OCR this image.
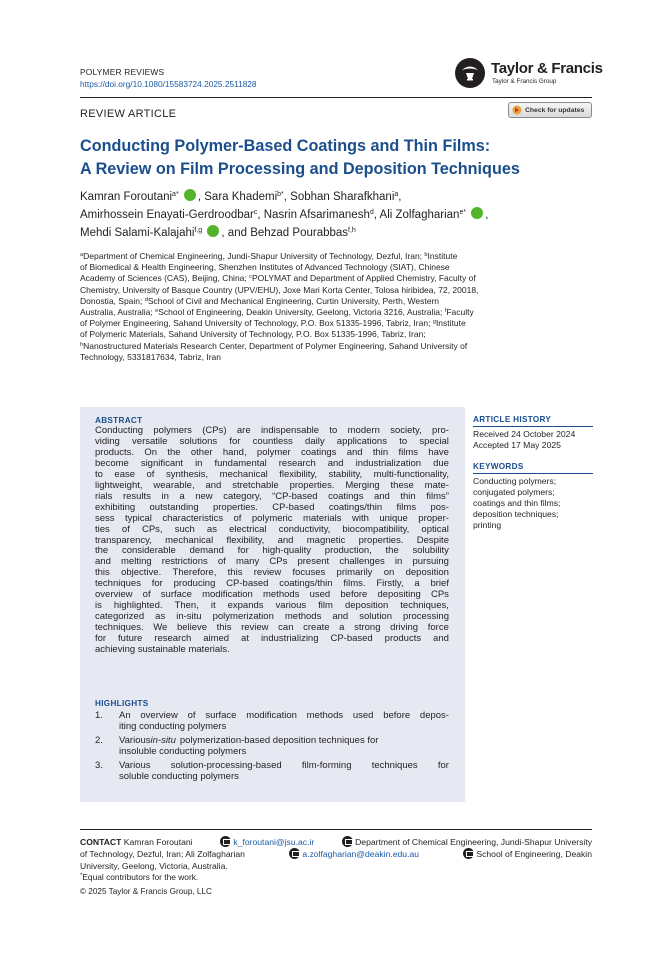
POLYMER REVIEWS
https://doi.org/10.1080/15583724.2025.2511828
Taylor & Francis
Taylor & Francis Group
REVIEW ARTICLE	Check for updates
Conducting Polymer-Based Coatings and Thin Films:
A Review on Film Processing and Deposition Techniques
Kamran Foroutani$^{a*}$ , Sara Khademi$^{b*}$, Sobhan Sharafkhani$^a$,
Amirhossein Enayati-Gerdroodbar$^c$, Nasrin Afsarimanesh$^d$, Ali Zolfagharian$^{e*}$ ,
Mehdi Salami-Kalajahi$^{f,g}$ , and Behzad Pourabbas$^{f,h}$
$^a$Department of Chemical Engineering, Jundi-Shapur University of Technology, Dezful, Iran; $^b$Institute
of Biomedical & Health Engineering, Shenzhen Institutes of Advanced Technology (SIAT), Chinese
Academy of Sciences (CAS), Beijing, China; $^c$POLYMAT and Department of Applied Chemistry, Faculty of
Chemistry, University of Basque Country (UPV/EHU), Joxe Mari Korta Center, Tolosa hiribidea, 72, 20018,
Donostia, Spain; $^d$School of Civil and Mechanical Engineering, Curtin University, Perth, Western
Australia, Australia; $^e$School of Engineering, Deakin University, Geelong, Victoria 3216, Australia; $^f$Faculty
of Polymer Engineering, Sahand University of Technology, P.O. Box 51335-1996, Tabriz, Iran; $^g$Institute
of Polymeric Materials, Sahand University of Technology, P.O. Box 51335-1996, Tabriz, Iran;
$^h$Nanostructured Materials Research Center, Department of Polymer Engineering, Sahand University of
Technology, 5331817634, Tabriz, Iran
ABSTRACT
Conducting polymers (CPs) are indispensable to modern society, pro-
viding versatile solutions for countless daily applications to special
products. On the other hand, polymer coatings and thin films have
become significant in fundamental research and industrialization due
to ease of synthesis, mechanical flexibility, stability, multi-functionality,
lightweight, wearable, and stretchable properties. Merging these mate-
rials results in a new category, “CP-based coatings and thin films”
exhibiting outstanding properties. CP-based coatings/thin films pos-
sess typical characteristics of polymeric materials with unique proper-
ties of CPs, such as electrical conductivity, biocompatibility, optical
transparency, mechanical flexibility, and magnetic properties. Despite
the considerable demand for high-quality production, the solubility
and melting restrictions of many CPs present challenges in pursuing
this objective. Therefore, this review focuses primarily on deposition
techniques for producing CP-based coatings/thin films. Firstly, a brief
overview of surface modification methods used before depositing CPs
is highlighted. Then, it expands various film deposition techniques,
categorized as in-situ polymerization methods and solution processing
techniques. We believe this review can create a strong driving force
for future research aimed at industrializing CP-based products and
achieving sustainable materials.
HIGHLIGHTS
1. An overview of surface modification methods used before depos-
iting conducting polymers
2. Various in-situ polymerization-based deposition techniques for
insoluble conducting polymers
3. Various solution-processing-based film-forming techniques for
soluble conducting polymers
ARTICLE HISTORY
Received 24 October 2024
Accepted 17 May 2025
KEYWORDS
Conducting polymers;
conjugated polymers;
coatings and thin films;
deposition techniques;
printing
CONTACT Kamran Foroutani	k_foroutani@jsu.ac.ir	Department of Chemical Engineering, Jundi-Shapur University
of Technology, Dezful, Iran; Ali Zolfagharian	a.zolfagharian@deakin.edu.au	School of Engineering, Deakin
University, Geelong, Victoria, Australia.
*Equal contributors for the work.
© 2025 Taylor & Francis Group, LLC
